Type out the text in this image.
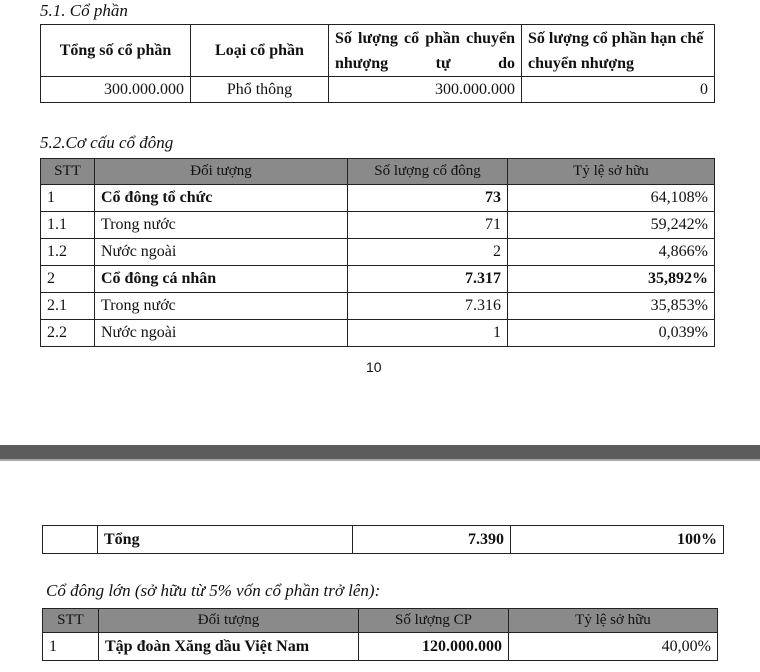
5.1. Cổ phần
Tổng số cổ phần	Loại cổ phần	Số lượng cổ phần chuyển nhượng tự do	Số lượng cổ phần hạn chế chuyển nhượng
300.000.000	Phổ thông	300.000.000	0
5.2.Cơ cấu cổ đông
STT	Đối tượng	Số lượng cổ đông	Tỷ lệ sở hữu
1	Cổ đông tổ chức	73	64,108%
1.1	Trong nước	71	59,242%
1.2	Nước ngoài	2	4,866%
2	Cổ đông cá nhân	7.317	35,892%
2.1	Trong nước	7.316	35,853%
2.2	Nước ngoài	1	0,039%
10
	Tổng	7.390	100%
Cổ đông lớn (sở hữu từ 5% vốn cổ phần trở lên):
STT	Đối tượng	Số lượng CP	Tỷ lệ sở hữu
1	Tập đoàn Xăng dầu Việt Nam	120.000.000	40,00%
